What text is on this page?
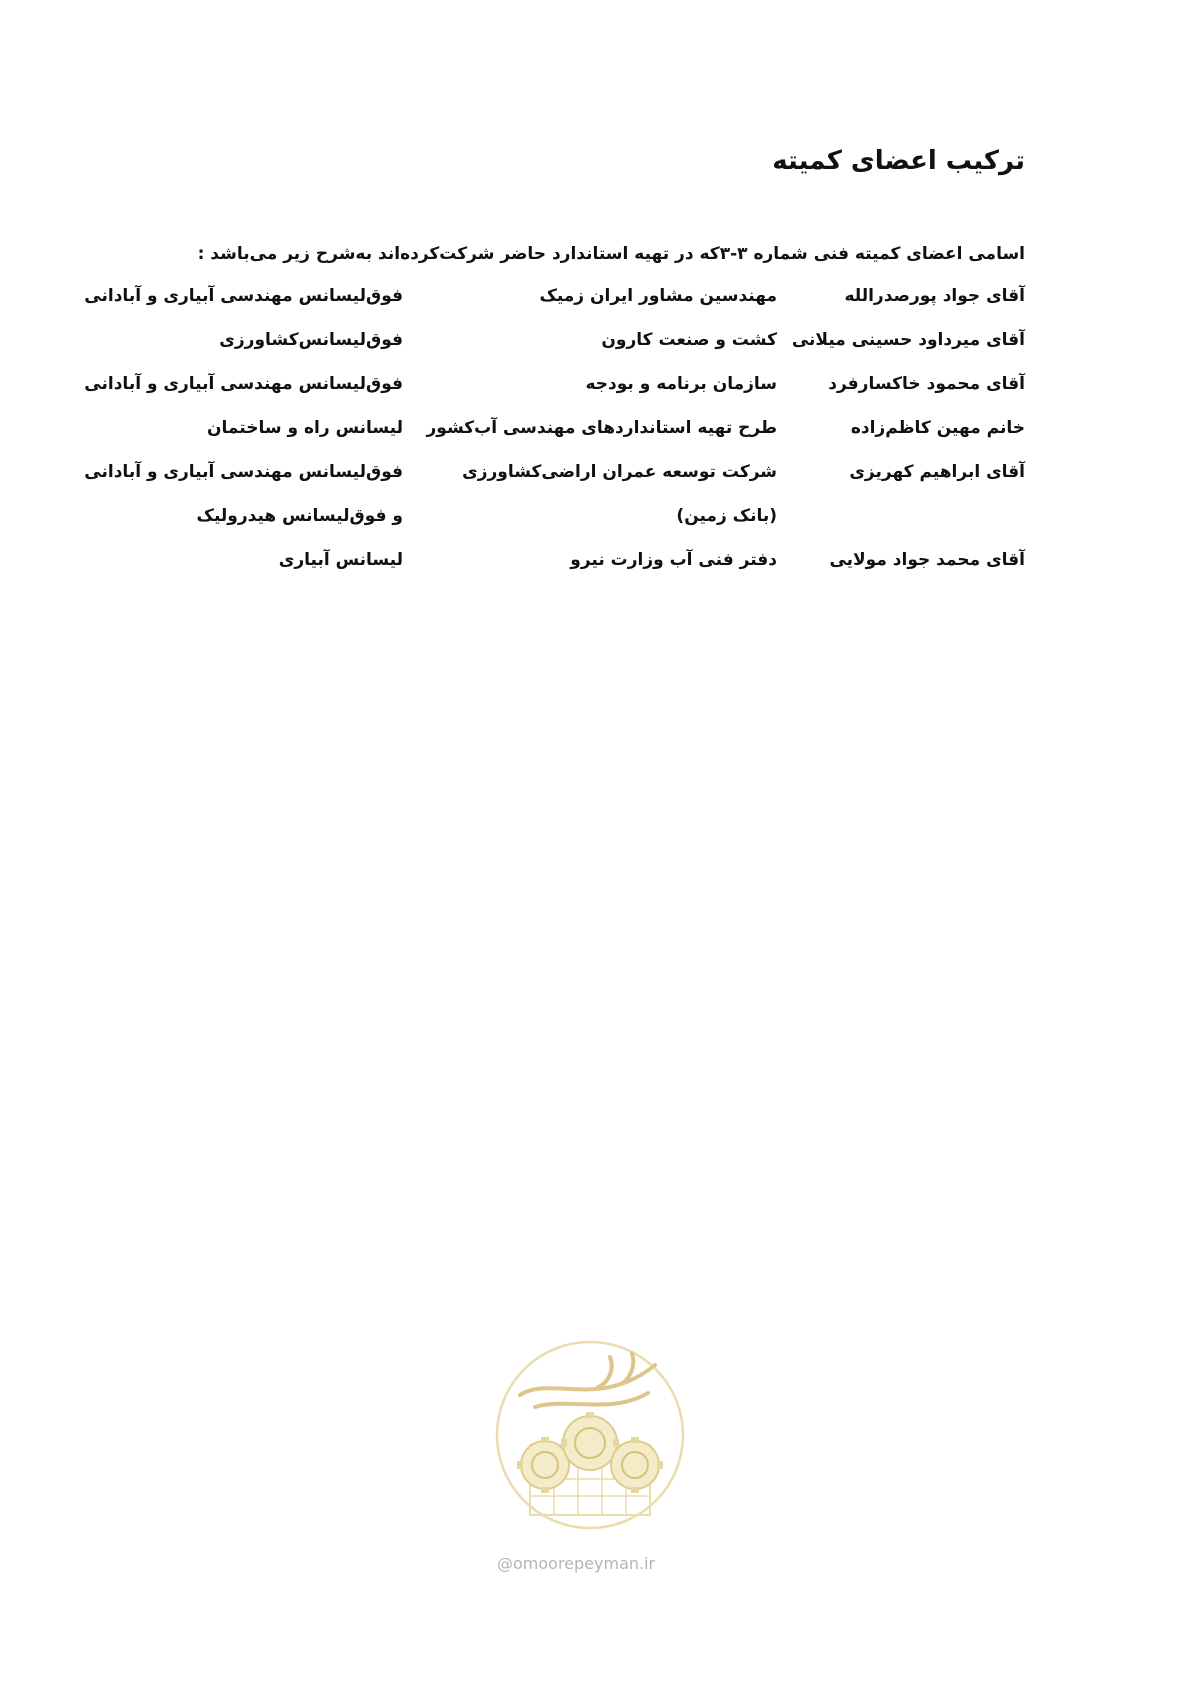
ترکیب اعضای کمیته

اسامی اعضای کمیته فنی شماره ۳-۳که در تهیه استاندارد حاضر شرکت‌کرده‌اند به‌شرح زیر می‌باشد :

آقای جواد پورصدرالله
مهندسین مشاور ایران زمیک
فوق‌لیسانس مهندسی آبیاری و آبادانی
آقای میرداود حسینی میلانی
کشت و صنعت کارون
فوق‌لیسانس‌کشاورزی
آقای محمود خاکسارفرد
سازمان برنامه و بودجه
فوق‌لیسانس مهندسی آبیاری و آبادانی
خانم مهین کاظم‌زاده
طرح تهیه استانداردهای مهندسی آب‌کشور
لیسانس راه و ساختمان
آقای ابراهیم کهریزی
شرکت توسعه عمران اراضی‌کشاورزی
فوق‌لیسانس مهندسی آبیاری و آبادانی
(بانک زمین)
و فوق‌لیسانس هیدرولیک
آقای محمد جواد مولایی
دفتر فنی آب وزارت نیرو
لیسانس آبیاری
@omoorepeyman.ir
